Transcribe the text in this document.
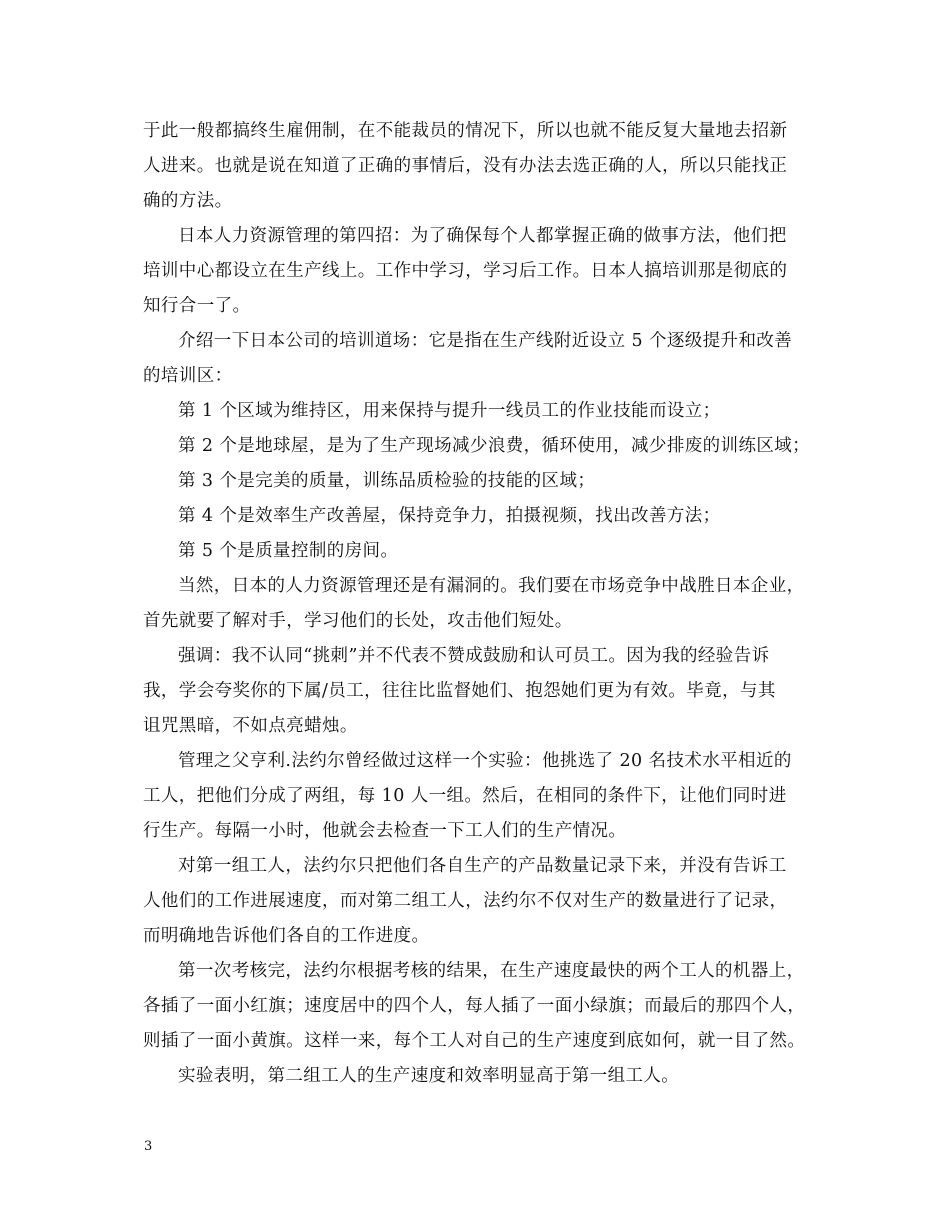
于此一般都搞终生雇佣制，在不能裁员的情况下，所以也就不能反复大量地去招新
人进来。也就是说在知道了正确的事情后，没有办法去选正确的人，所以只能找正
确的方法。

日本人力资源管理的第四招：为了确保每个人都掌握正确的做事方法，他们把
培训中心都设立在生产线上。工作中学习，学习后工作。日本人搞培训那是彻底的
知行合一了。

介绍一下日本公司的培训道场：它是指在生产线附近设立 5 个逐级提升和改善
的培训区：

第 1 个区域为维持区，用来保持与提升一线员工的作业技能而设立；

第 2 个是地球屋，是为了生产现场减少浪费，循环使用，减少排废的训练区域；

第 3 个是完美的质量，训练品质检验的技能的区域；

第 4 个是效率生产改善屋，保持竞争力，拍摄视频，找出改善方法；

第 5 个是质量控制的房间。

当然，日本的人力资源管理还是有漏洞的。我们要在市场竞争中战胜日本企业，
首先就要了解对手，学习他们的长处，攻击他们短处。

强调：我不认同“挑刺”并不代表不赞成鼓励和认可员工。因为我的经验告诉
我，学会夸奖你的下属/员工，往往比监督她们、抱怨她们更为有效。毕竟，与其
诅咒黑暗，不如点亮蜡烛。

管理之父亨利.法约尔曾经做过这样一个实验：他挑选了 20 名技术水平相近的
工人，把他们分成了两组，每 10 人一组。然后，在相同的条件下，让他们同时进
行生产。每隔一小时，他就会去检查一下工人们的生产情况。

对第一组工人，法约尔只把他们各自生产的产品数量记录下来，并没有告诉工
人他们的工作进展速度，而对第二组工人，法约尔不仅对生产的数量进行了记录，
而明确地告诉他们各自的工作进度。

第一次考核完，法约尔根据考核的结果，在生产速度最快的两个工人的机器上，
各插了一面小红旗；速度居中的四个人，每人插了一面小绿旗；而最后的那四个人，
则插了一面小黄旗。这样一来，每个工人对自己的生产速度到底如何，就一目了然。

实验表明，第二组工人的生产速度和效率明显高于第一组工人。

3
